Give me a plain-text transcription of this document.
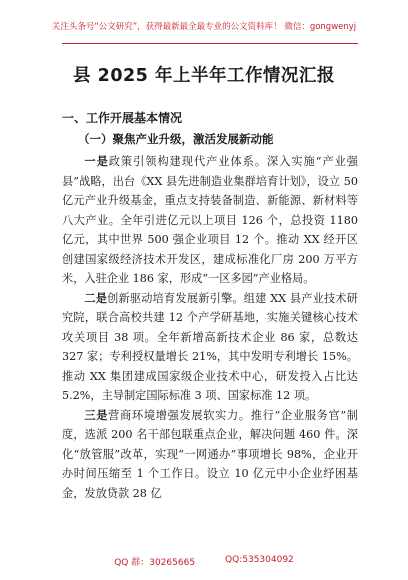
关注头条号“公文研究”，获得最新最全最专业的公文资料库！ 微信：gongwenyj
县 2025 年上半年工作情况汇报
一、工作开展基本情况
（一）聚焦产业升级，激活发展新动能

一是政策引领构建现代产业体系。深入实施“产业强县”战略，出台《XX 县先进制造业集群培育计划》，设立 50 亿元产业升级基金，重点支持装备制造、新能源、新材料等八大产业。全年引进亿元以上项目 126 个，总投资 1180 亿元，其中世界 500 强企业项目 12 个。推动 XX 经开区创建国家级经济技术开发区，建成标准化厂房 200 万平方米，入驻企业 186 家，形成“一区多园”产业格局。

二是创新驱动培育发展新引擎。组建 XX 县产业技术研究院，联合高校共建 12 个产学研基地，实施关键核心技术攻关项目 38 项。全年新增高新技术企业 86 家，总数达 327 家；专利授权量增长 21%，其中发明专利增长 15%。推动 XX 集团建成国家级企业技术中心，研发投入占比达 5.2%，主导制定国际标准 3 项、国家标准 12 项。

三是营商环境增强发展软实力。推行“企业服务官”制度，选派 200 名干部包联重点企业，解决问题 460 件。深化“放管服”改革，实现“一网通办”事项增长 98%，企业开办时间压缩至 1 个工作日。设立 10 亿元中小企业纾困基金，发放贷款 28 亿

QQ 群：30265665	QQ:535304092
